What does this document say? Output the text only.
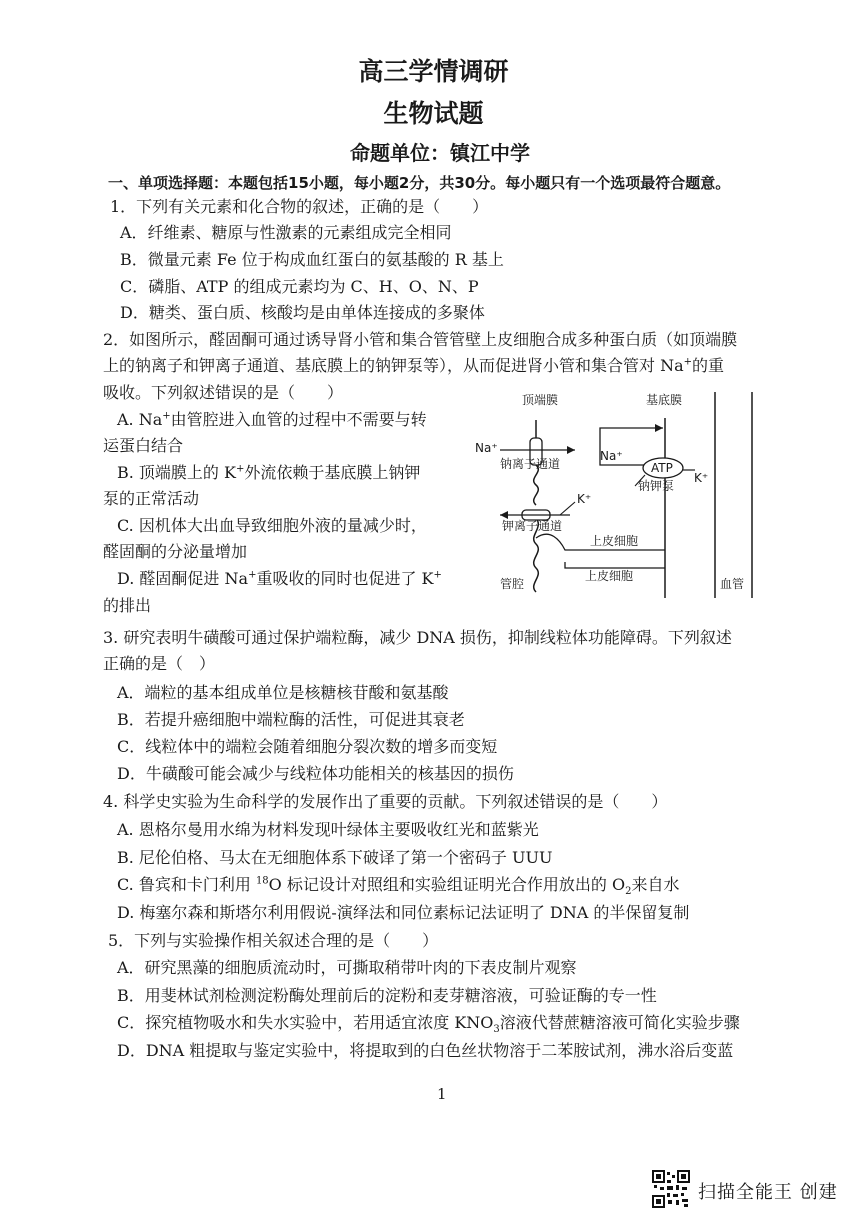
高三学情调研
生物试题
命题单位：镇江中学
一、单项选择题：本题包括15小题，每小题2分，共30分。每小题只有一个选项最符合题意。
1．下列有关元素和化合物的叙述，正确的是（　　）
A．纤维素、糖原与性激素的元素组成完全相同
B．微量元素 Fe 位于构成血红蛋白的氨基酸的 R 基上
C．磷脂、ATP 的组成元素均为 C、H、O、N、P
D．糖类、蛋白质、核酸均是由单体连接成的多聚体
2．如图所示，醛固酮可通过诱导肾小管和集合管管壁上皮细胞合成多种蛋白质（如顶端膜
上的钠离子和钾离子通道、基底膜上的钠钾泵等），从而促进肾小管和集合管对 Na+的重
吸收。下列叙述错误的是（　　）
A. Na+由管腔进入血管的过程中不需要与转
运蛋白结合
B. 顶端膜上的 K+外流依赖于基底膜上钠钾
泵的正常活动
C. 因机体大出血导致细胞外液的量减少时，
醛固酮的分泌量增加
D. 醛固酮促进 Na+重吸收的同时也促进了 K+
的排出
顶端膜	基底膜
Na⁺
Na⁺
钠离子通道	ATP
K⁺
钠钾泵
K⁺
钾离子通道
上皮细胞
上皮细胞
管腔	血管
3. 研究表明牛磺酸可通过保护端粒酶，减少 DNA 损伤，抑制线粒体功能障碍。下列叙述
正确的是（　）
A．端粒的基本组成单位是核糖核苷酸和氨基酸
B．若提升癌细胞中端粒酶的活性，可促进其衰老
C．线粒体中的端粒会随着细胞分裂次数的增多而变短
D．牛磺酸可能会减少与线粒体功能相关的核基因的损伤
4. 科学史实验为生命科学的发展作出了重要的贡献。下列叙述错误的是（　　）
A. 恩格尔曼用水绵为材料发现叶绿体主要吸收红光和蓝紫光
B. 尼伦伯格、马太在无细胞体系下破译了第一个密码子 UUU
C. 鲁宾和卡门利用 $^{18}$O 标记设计对照组和实验组证明光合作用放出的 $O_2$来自水
D. 梅塞尔森和斯塔尔利用假说-演绎法和同位素标记法证明了 DNA 的半保留复制
5．下列与实验操作相关叙述合理的是（　　）
A．研究黑藻的细胞质流动时，可撕取稍带叶肉的下表皮制片观察
B．用斐林试剂检测淀粉酶处理前后的淀粉和麦芽糖溶液，可验证酶的专一性
C．探究植物吸水和失水实验中，若用适宜浓度 $KNO_3$溶液代替蔗糖溶液可简化实验步骤
D．DNA 粗提取与鉴定实验中，将提取到的白色丝状物溶于二苯胺试剂，沸水浴后变蓝
1
扫描全能王 创建
